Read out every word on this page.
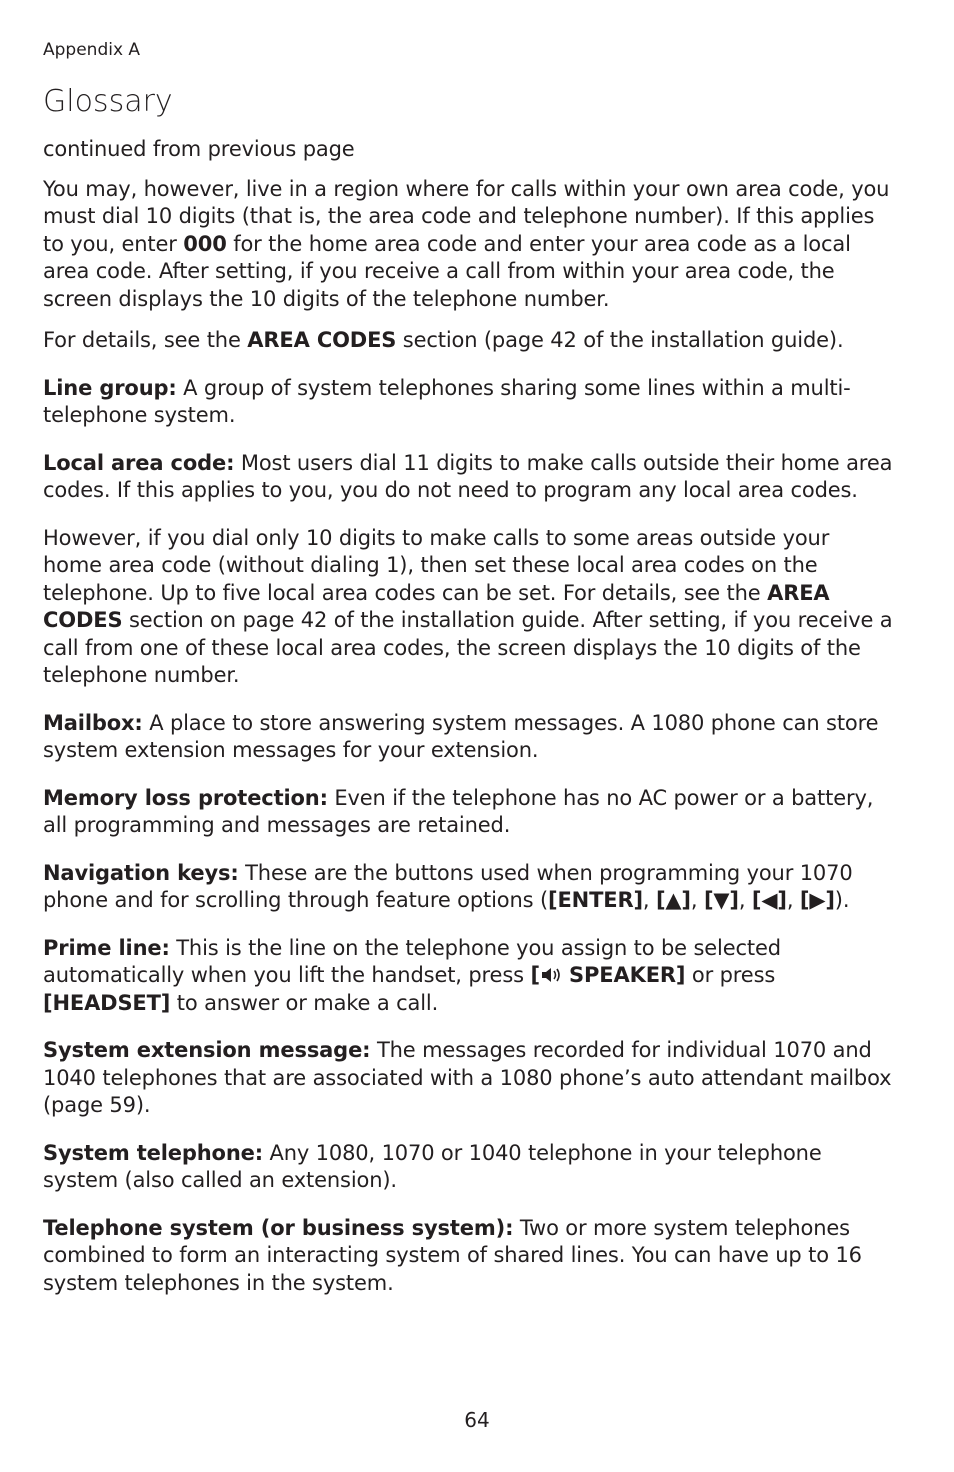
Appendix A
Glossary

continued from previous page

You may, however, live in a region where for calls within your own area code, you must dial 10 digits (that is, the area code and telephone number). If this applies to you, enter 000 for the home area code and enter your area code as a local area code. After setting, if you receive a call from within your area code, the screen displays the 10 digits of the telephone number.

For details, see the AREA CODES section (page 42 of the installation guide).

Line group: A group of system telephones sharing some lines within a multi-telephone system.

Local area code: Most users dial 11 digits to make calls outside their home area codes. If this applies to you, you do not need to program any local area codes.

However, if you dial only 10 digits to make calls to some areas outside your home area code (without dialing 1), then set these local area codes on the telephone. Up to five local area codes can be set. For details, see the AREA CODES section on page 42 of the installation guide. After setting, if you receive a call from one of these local area codes, the screen displays the 10 digits of the telephone number.

Mailbox: A place to store answering system messages. A 1080 phone can store system extension messages for your extension.

Memory loss protection: Even if the telephone has no AC power or a battery, all programming and messages are retained.

Navigation keys: These are the buttons used when programming your 1070 phone and for scrolling through feature options ([ENTER], [▲], [▼], [◀], [▶]).

Prime line: This is the line on the telephone you assign to be selected automatically when you lift the handset, press [ SPEAKER] or press [HEADSET] to answer or make a call.

System extension message: The messages recorded for individual 1070 and 1040 telephones that are associated with a 1080 phone’s auto attendant mailbox (page 59).

System telephone: Any 1080, 1070 or 1040 telephone in your telephone system (also called an extension).

Telephone system (or business system): Two or more system telephones combined to form an interacting system of shared lines. You can have up to 16 system telephones in the system.

64
